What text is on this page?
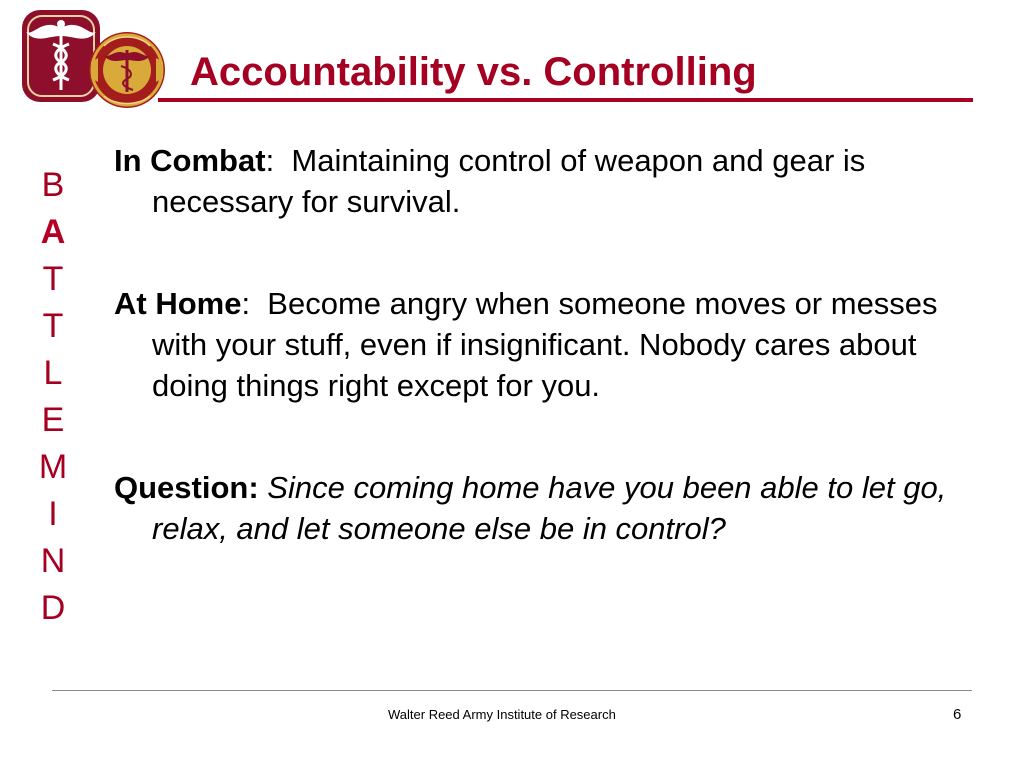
Accountability vs. Controlling
B
A
T
T
L
E
M
I
N
D

In Combat:  Maintaining control of weapon and gear is necessary for survival.

At Home:  Become angry when someone moves or messes with your stuff, even if insignificant. Nobody cares about doing things right except for you.

Question: Since coming home have you been able to let go, relax, and let someone else be in control?

Walter Reed Army Institute of Research	6
